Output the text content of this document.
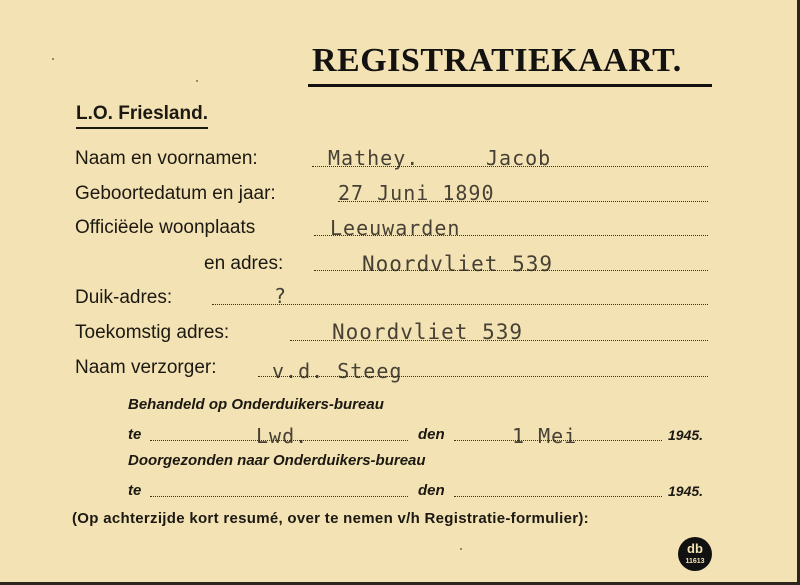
REGISTRATIEKAART.
L.O. Friesland.
Naam en voornamen:	Mathey.	Jacob
Geboortedatum en jaar:	27 Juni 1890
Officiëele woonplaats	Leeuwarden
en adres:	Noordvliet 539
Duik-adres:	?
Toekomstig adres:	Noordvliet 539
Naam verzorger:	v.d. Steeg
Behandeld op Onderduikers-bureau
te	Lwd.	den	1 Mei	1945.
Doorgezonden naar Onderduikers-bureau
te	den	1945.
(Op achterzijde kort resumé, over te nemen v/h Registratie-formulier):
db
11613
